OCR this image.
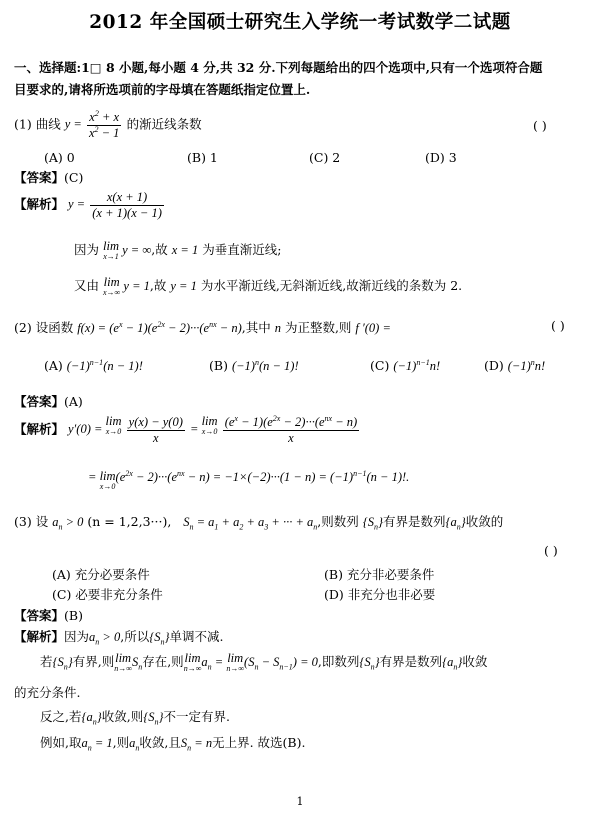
2012 年全国硕士研究生入学统一考试数学二试题
一、选择题:1□ 8 小题,每小题 4 分,共 32 分.下列每题给出的四个选项中,只有一个选项符合题
目要求的,请将所选项前的字母填在答题纸指定位置上.
(1) 曲线 $y = \frac{x^2 + x}{x^2 - 1}$ 的渐近线条数	( )
(A) 0	(B) 1	(C) 2	(D) 3
【答案】(C)
【解析】 $y = \frac{x(x + 1)}{(x + 1)(x - 1)}$
因为 lim
x→1 y = ∞,故 x = 1 为垂直渐近线;
又由 lim
x→∞ y = 1,故 y = 1 为水平渐近线,无斜渐近线,故渐近线的条数为 2.
(2) 设函数 $f(x) = (e^x - 1)(e^{2x} - 2)\cdot\cdot\cdot(e^{nx} - n)$,其中 n 为正整数,则 f ′(0) =	( )
(A) $(-1)^{n-1}(n - 1)$!	(B) $(-1)^n(n - 1)$!	(C) $(-1)^{n-1}n$!	(D) $(-1)^nn$!
【答案】(A)
【解析】 y′(0) = lim
x→0
$\frac{y(x) - y(0)}{x} = \lim$
x→0
$\frac{(e^x - 1)(e^{2x} - 2)\cdot\cdot\cdot(e^{nx} - n)}{x}$
= lim
x→0
$(e^{2x} - 2)\cdot\cdot\cdot(e^{nx} - n) = -1\times(-2)\cdot\cdot\cdot(1 - n) = (-1)^{n-1}(n - 1)$!.
(3) 设 $a_n > 0$ (n = 1,2,3···), $S_n = a_1 + a_2 + a_3$ + ··· + $a_n$,则数列 $\{S_n\}$有界是数列$\{a_n\}$收敛的
( )
(A) 充分必要条件	(B) 充分非必要条件
(C) 必要非充分条件	(D) 非充分也非必要
【答案】(B)
【解析】因为$a_n > 0$,所以$\{S_n\}$单调不减.
若$\{S_n\}$有界,则lim
n→∞ $S_n$存在,则lim
n→∞ $a_n = \lim$
n→∞ $(S_n - S_{n-1}) = 0$,即数列$\{S_n\}$有界是数列$\{a_n\}$收敛
的充分条件.
反之,若$\{a_n\}$收敛,则$\{S_n\}$不一定有界.
例如,取$a_n = 1$,则$a_n$收敛,且$S_n = n$无上界. 故选(B).
1
